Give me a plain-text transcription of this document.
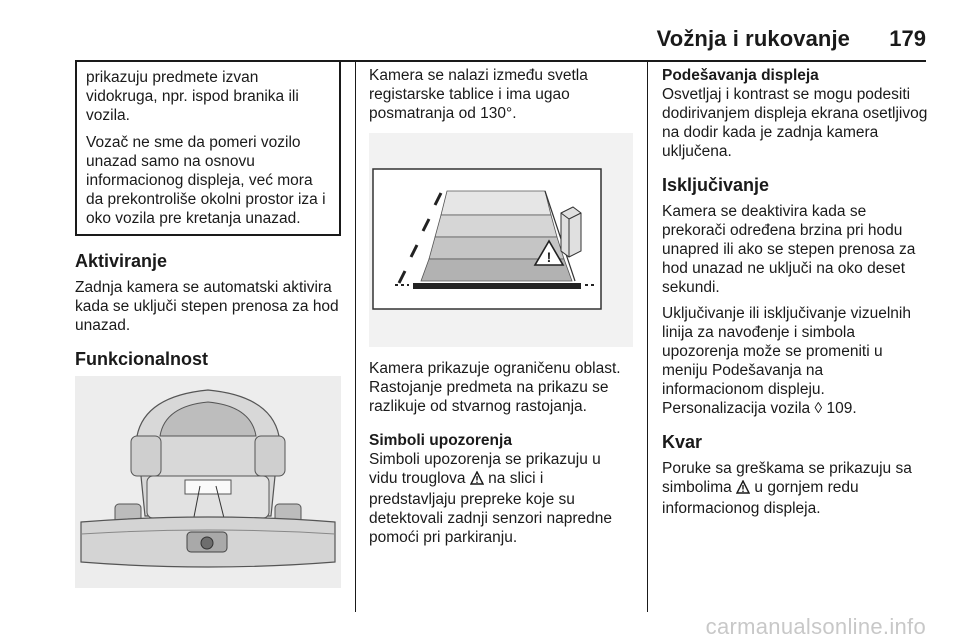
Vožnja i rukovanje 179

prikazuju predmete izvan vidokruga, npr. ispod branika ili vozila.

Vozač ne sme da pomeri vozilo unazad samo na osnovu informacionog displeja, već mora da prekontroliše okolni prostor iza i oko vozila pre kretanja unazad.

Aktiviranje

Zadnja kamera se automatski aktivira kada se uključi stepen prenosa za hod unazad.

Funkcionalnost

Kamera se nalazi između svetla registarske tablice i ima ugao posmatranja od 130°.

!

Kamera prikazuje ograničenu oblast. Rastojanje predmeta na prikazu se razlikuje od stvarnog rastojanja.

Simboli upozorenja

Simboli upozorenja se prikazuju u vidu trouglova na slici i predstavljaju prepreke koje su detektovali zadnji senzori napredne pomoći pri parkiranju.

Podešavanja displeja

Osvetljaj i kontrast se mogu podesiti dodirivanjem displeja ekrana osetljivog na dodir kada je zadnja kamera uključena.

Isključivanje

Kamera se deaktivira kada se prekorači određena brzina pri hodu unapred ili ako se stepen prenosa za hod unazad ne uključi na oko deset sekundi.

Uključivanje ili isključivanje vizuelnih linija za navođenje i simbola upozorenja može se promeniti u meniju Podešavanja na informacionom displeju.
Personalizacija vozila ◊ 109.

Kvar

Poruke sa greškama se prikazuju sa simbolima u gornjem redu informacionog displeja.

carmanualsonline.info
